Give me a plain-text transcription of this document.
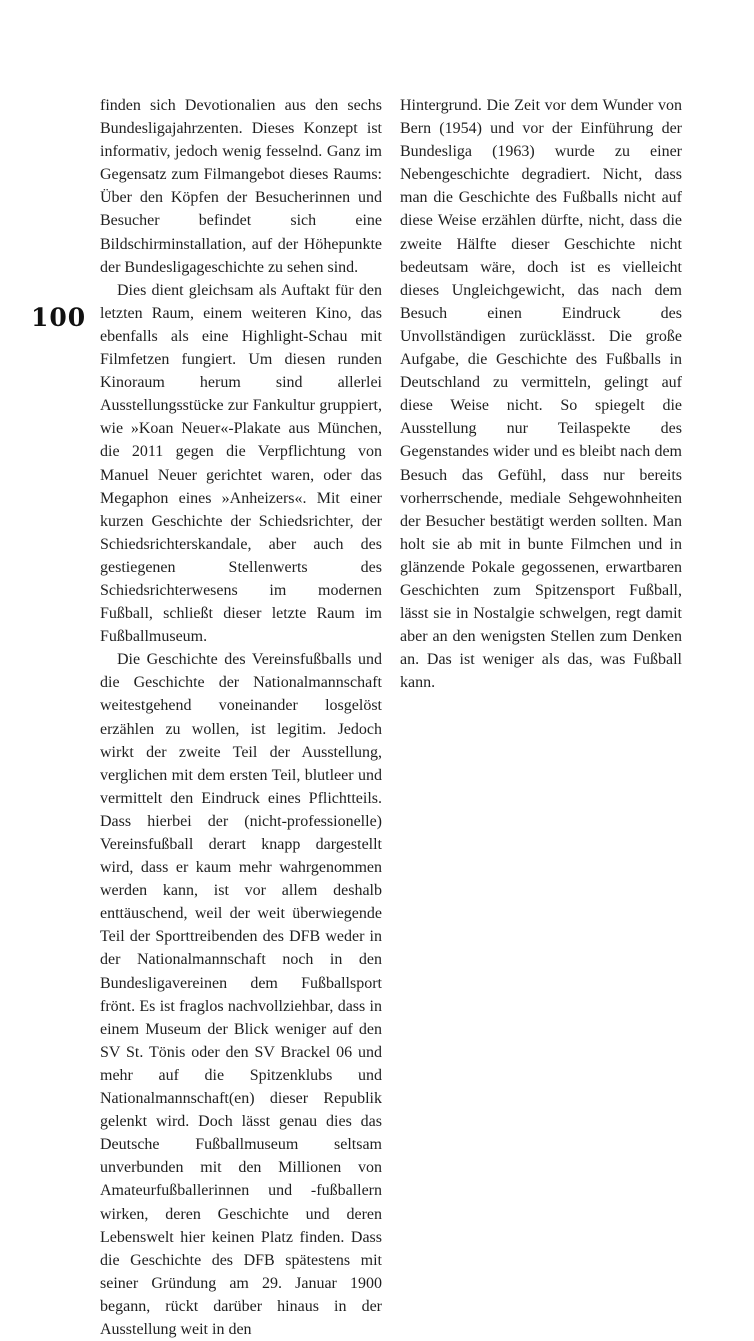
100

finden sich Devotionalien aus den sechs Bundesligajahrzenten. Dieses Konzept ist informativ, jedoch wenig fesselnd. Ganz im Gegensatz zum Filmangebot dieses Raums: Über den Köpfen der Besucherinnen und Besucher befindet sich eine Bildschirminstallation, auf der Höhepunkte der Bundesligageschichte zu sehen sind.

Dies dient gleichsam als Auftakt für den letzten Raum, einem weiteren Kino, das ebenfalls als eine Highlight-Schau mit Filmfetzen fungiert. Um diesen runden Kinoraum herum sind allerlei Ausstellungsstücke zur Fankultur gruppiert, wie »Koan Neuer«-Plakate aus München, die 2011 gegen die Verpflichtung von Manuel Neuer gerichtet waren, oder das Megaphon eines »Anheizers«. Mit einer kurzen Geschichte der Schiedsrichter, der Schiedsrichterskandale, aber auch des gestiegenen Stellenwerts des Schiedsrichterwesens im modernen Fußball, schließt dieser letzte Raum im Fußballmuseum.

Die Geschichte des Vereinsfußballs und die Geschichte der Nationalmannschaft weitestgehend voneinander losgelöst erzählen zu wollen, ist legitim. Jedoch wirkt der zweite Teil der Ausstellung, verglichen mit dem ersten Teil, blutleer und vermittelt den Eindruck eines Pflichtteils. Dass hierbei der (nicht-professionelle) Vereinsfußball derart knapp dargestellt wird, dass er kaum mehr wahrgenommen werden kann, ist vor allem deshalb enttäuschend, weil der weit überwiegende Teil der Sporttreibenden des DFB weder in der Nationalmannschaft noch in den Bundesligavereinen dem Fußballsport frönt. Es ist fraglos nachvollziehbar, dass in einem Museum der Blick weniger auf den SV St. Tönis oder den SV Brackel 06 und mehr auf die Spitzenklubs und Nationalmannschaft(en) dieser Republik gelenkt wird. Doch lässt genau dies das Deutsche Fußballmuseum seltsam unverbunden mit den Millionen von Amateurfußballerinnen und -fußballern wirken, deren Geschichte und deren Lebenswelt hier keinen Platz finden. Dass die Geschichte des DFB spätestens mit seiner Gründung am 29. Januar 1900 begann, rückt darüber hinaus in der Ausstellung weit in den

Hintergrund. Die Zeit vor dem Wunder von Bern (1954) und vor der Einführung der Bundesliga (1963) wurde zu einer Nebengeschichte degradiert. Nicht, dass man die Geschichte des Fußballs nicht auf diese Weise erzählen dürfte, nicht, dass die zweite Hälfte dieser Geschichte nicht bedeutsam wäre, doch ist es vielleicht dieses Ungleichgewicht, das nach dem Besuch einen Eindruck des Unvollständigen zurücklässt. Die große Aufgabe, die Geschichte des Fußballs in Deutschland zu vermitteln, gelingt auf diese Weise nicht. So spiegelt die Ausstellung nur Teilaspekte des Gegenstandes wider und es bleibt nach dem Besuch das Gefühl, dass nur bereits vorherrschende, mediale Sehgewohnheiten der Besucher bestätigt werden sollten. Man holt sie ab mit in bunte Filmchen und in glänzende Pokale gegossenen, erwartbaren Geschichten zum Spitzensport Fußball, lässt sie in Nostalgie schwelgen, regt damit aber an den wenigsten Stellen zum Denken an. Das ist weniger als das, was Fußball kann.
